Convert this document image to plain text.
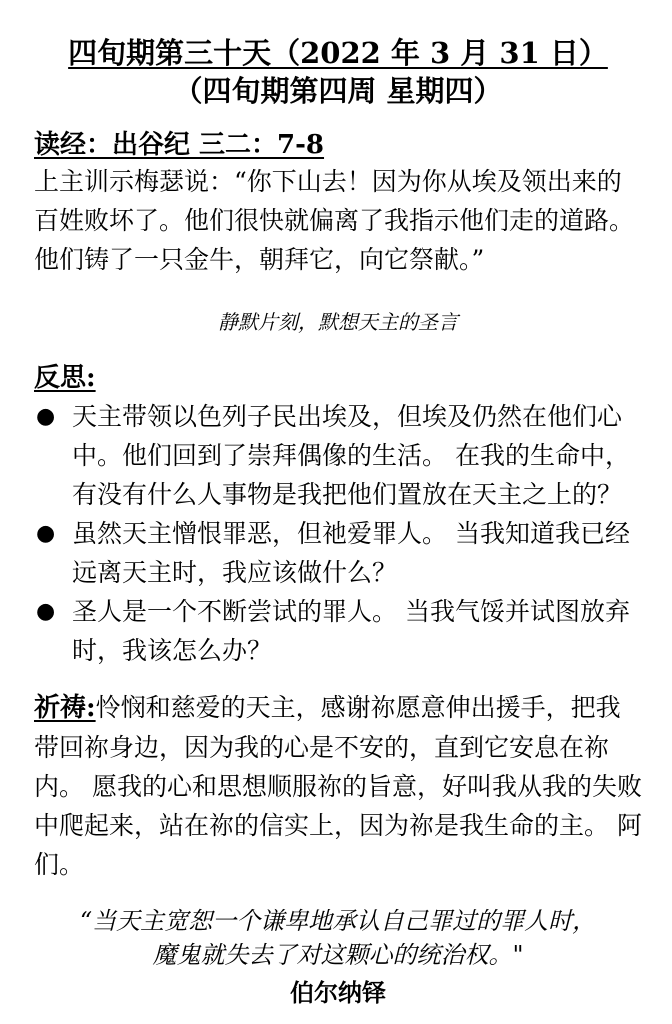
四旬期第三十天（2022 年 3 月 31 日）
（四旬期第四周 星期四）
读经：出谷纪 三二：7-8

上主训示梅瑟说：“你下山去！因为你从埃及领出来的百姓败坏了。他们很快就偏离了我指示他们走的道路。他们铸了一只金牛，朝拜它，向它祭献。”

静默片刻，默想天主的圣言

反思:
● 天主带领以色列子民出埃及，但埃及仍然在他们心中。他们回到了崇拜偶像的生活。 在我的生命中，有没有什么人事物是我把他们置放在天主之上的？
● 虽然天主憎恨罪恶，但祂爱罪人。 当我知道我已经远离天主时，我应该做什么？
● 圣人是一个不断尝试的罪人。 当我气馁并试图放弃时，我该怎么办？
祈祷:怜悯和慈爱的天主，感谢祢愿意伸出援手，把我带回祢身边，因为我的心是不安的，直到它安息在祢内。 愿我的心和思想顺服祢的旨意，好叫我从我的失败中爬起来，站在祢的信实上，因为祢是我生命的主。 阿们。
“当天主宽恕一个谦卑地承认自己罪过的罪人时，
魔鬼就失去了对这颗心的统治权。"
伯尔纳铎
